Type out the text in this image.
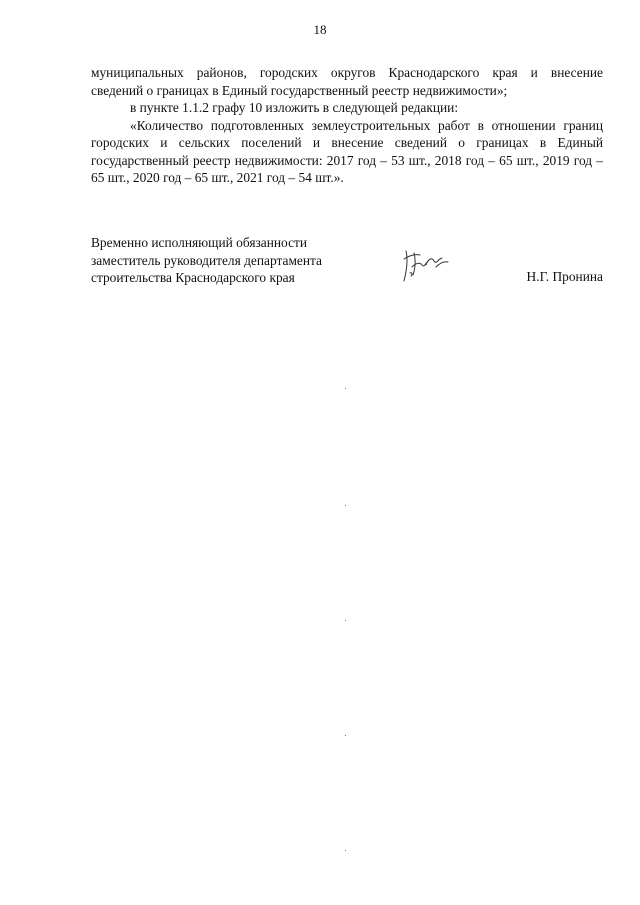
18

муниципальных районов, городских округов Краснодарского края и внесение

сведений о границах в Единый государственный реестр недвижимости»;

в пункте 1.1.2 графу 10 изложить в следующей редакции:

«Количество подготовленных землеустроительных работ в отношении границ городских и сельских поселений и внесение сведений о границах в Единый государственный реестр недвижимости: 2017 год – 53 шт., 2018 год – 65 шт., 2019 год – 65 шт., 2020 год – 65 шт., 2021 год – 54 шт.».

Временно исполняющий обязанности

заместитель руководителя департамента

строительства Краснодарского края	Н.Г. Пронина
